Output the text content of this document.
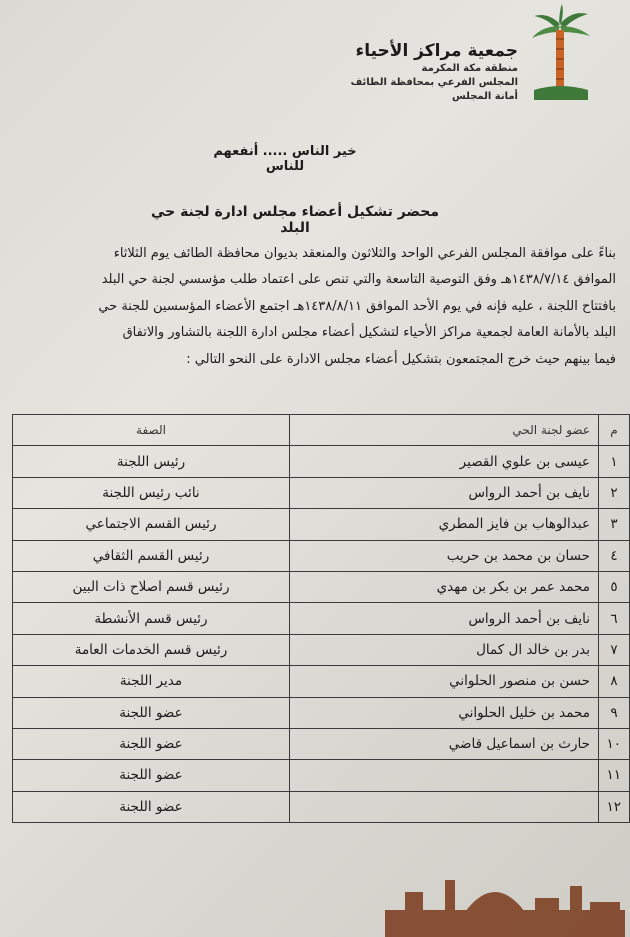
جمعية مراكز الأحياء
منطقة مكة المكرمة
المجلس الفرعي بمحافظة الطائف
أمانة المجلس
خير الناس ..... أنفعهم للناس
محضر تشكيل أعضاء مجلس ادارة لجنة حي البلد
بناءً على موافقة المجلس الفرعي الواحد والثلاثون والمنعقد بديوان محافظة الطائف يوم الثلاثاء
الموافق ١٤٣٨/٧/١٤هـ وفق التوصية التاسعة والتي تنص على اعتماد طلب مؤسسي لجنة حي البلد
بافتتاح اللجنة ، عليه فإنه في يوم الأحد الموافق ١٤٣٨/٨/١١هـ اجتمع الأعضاء المؤسسين للجنة حي
البلد بالأمانة العامة لجمعية مراكز الأحياء لتشكيل أعضاء مجلس ادارة اللجنة بالتشاور والاتفاق
فيما بينهم حيث خرج المجتمعون بتشكيل أعضاء مجلس الادارة على النحو التالي :
م	عضو لجنة الحي	الصفة
١	عيسى بن علوي القصير	رئيس اللجنة
٢	نايف بن أحمد الرواس	نائب رئيس اللجنة
٣	عبدالوهاب بن فايز المطري	رئيس القسم الاجتماعي
٤	حسان بن محمد بن حريب	رئيس القسم الثقافي
٥	محمد عمر بن بكر بن مهدي	رئيس قسم اصلاح ذات البين
٦	نايف بن أحمد الرواس	رئيس قسم الأنشطة
٧	بدر بن خالد ال كمال	رئيس قسم الخدمات العامة
٨	حسن بن منصور الحلواني	مدير اللجنة
٩	محمد بن خليل الحلواني	عضو اللجنة
١٠	حارث بن اسماعيل قاضي	عضو اللجنة
١١		عضو اللجنة
١٢		عضو اللجنة
